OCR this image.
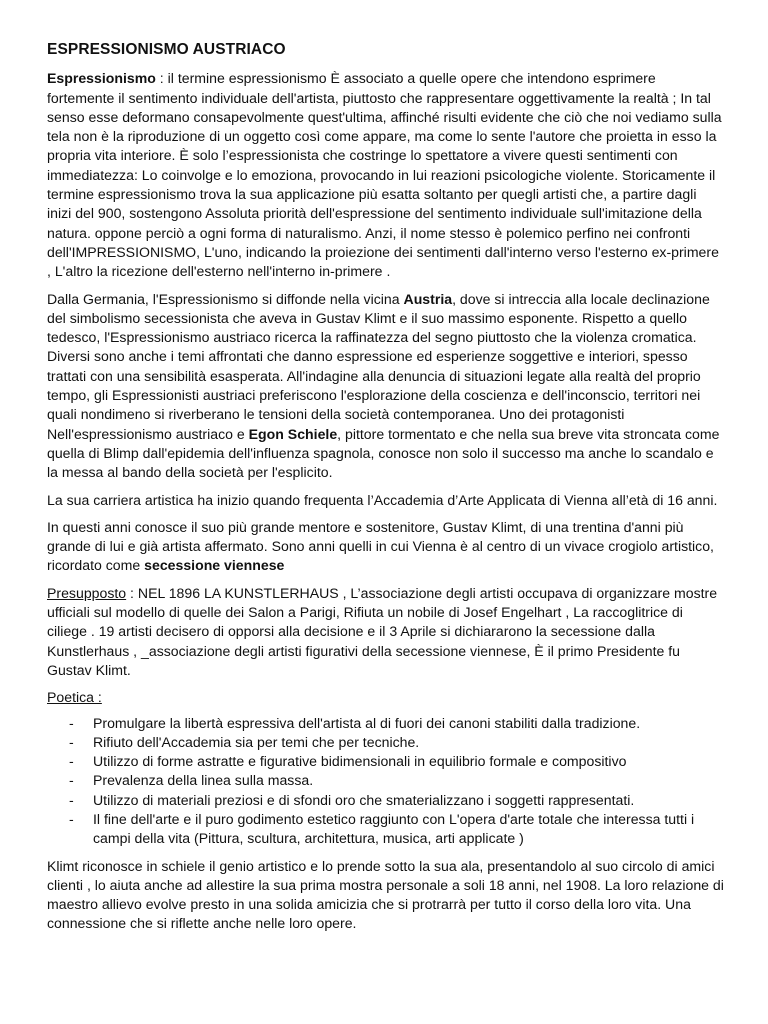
ESPRESSIONISMO AUSTRIACO

Espressionismo : il termine espressionismo È associato a quelle opere che intendono esprimere fortemente il sentimento individuale dell'artista, piuttosto che rappresentare oggettivamente la realtà ; In tal senso esse deformano consapevolmente quest'ultima, affinché risulti evidente che ciò che noi vediamo sulla tela non è la riproduzione di un oggetto così come appare, ma come lo sente l'autore che proietta in esso la propria vita interiore. È solo l’espressionista che costringe lo spettatore a vivere questi sentimenti con immediatezza: Lo coinvolge e lo emoziona, provocando in lui reazioni psicologiche violente. Storicamente il termine espressionismo trova la sua applicazione più esatta soltanto per quegli artisti che, a partire dagli inizi del 900, sostengono Assoluta priorità dell'espressione del sentimento individuale sull'imitazione della natura. oppone perciò a ogni forma di naturalismo. Anzi, il nome stesso è polemico perfino nei confronti dell'IMPRESSIONISMO, L'uno, indicando la proiezione dei sentimenti dall'interno verso l'esterno ex-primere , L'altro la ricezione dell'esterno nell'interno in-primere .

Dalla Germania, l'Espressionismo si diffonde nella vicina Austria, dove si intreccia alla locale declinazione del simbolismo secessionista che aveva in Gustav Klimt e il suo massimo esponente. Rispetto a quello tedesco, l'Espressionismo austriaco ricerca la raffinatezza del segno piuttosto che la violenza cromatica. Diversi sono anche i temi affrontati che danno espressione ed esperienze soggettive e interiori, spesso trattati con una sensibilità esasperata. All'indagine alla denuncia di situazioni legate alla realtà del proprio tempo, gli Espressionisti austriaci preferiscono l'esplorazione della coscienza e dell'inconscio, territori nei quali nondimeno si riverberano le tensioni della società contemporanea. Uno dei protagonisti Nell'espressionismo austriaco e Egon Schiele, pittore tormentato e che nella sua breve vita stroncata come quella di Blimp dall'epidemia dell'influenza spagnola, conosce non solo il successo ma anche lo scandalo e la messa al bando della società per l'esplicito.

La sua carriera artistica ha inizio quando frequenta l’Accademia d’Arte Applicata di Vienna all’età di 16 anni.

In questi anni conosce il suo più grande mentore e sostenitore, Gustav Klimt, di una trentina d'anni più grande di lui e già artista affermato. Sono anni quelli in cui Vienna è al centro di un vivace crogiolo artistico, ricordato come secessione viennese

Presupposto : NEL 1896 LA KUNSTLERHAUS , L’associazione degli artisti occupava di organizzare mostre ufficiali sul modello di quelle dei Salon a Parigi, Rifiuta un nobile di Josef Engelhart , La raccoglitrice di ciliege . 19 artisti decisero di opporsi alla decisione e il 3 Aprile si dichiararono la secessione dalla Kunstlerhaus , _associazione degli artisti figurativi della secessione viennese, È il primo Presidente fu Gustav Klimt.

Poetica :

- Promulgare la libertà espressiva dell'artista al di fuori dei canoni stabiliti dalla tradizione.
- Rifiuto dell'Accademia sia per temi che per tecniche.
- Utilizzo di forme astratte e figurative bidimensionali in equilibrio formale e compositivo
- Prevalenza della linea sulla massa.
- Utilizzo di materiali preziosi e di sfondi oro che smaterializzano i soggetti rappresentati.
- Il fine dell'arte e il puro godimento estetico raggiunto con L'opera d'arte totale che interessa tutti i campi della vita (Pittura, scultura, architettura, musica, arti applicate )

Klimt riconosce in schiele il genio artistico e lo prende sotto la sua ala, presentandolo al suo circolo di amici clienti , lo aiuta anche ad allestire la sua prima mostra personale a soli 18 anni, nel 1908. La loro relazione di maestro allievo evolve presto in una solida amicizia che si protrarrà per tutto il corso della loro vita. Una connessione che si riflette anche nelle loro opere.
